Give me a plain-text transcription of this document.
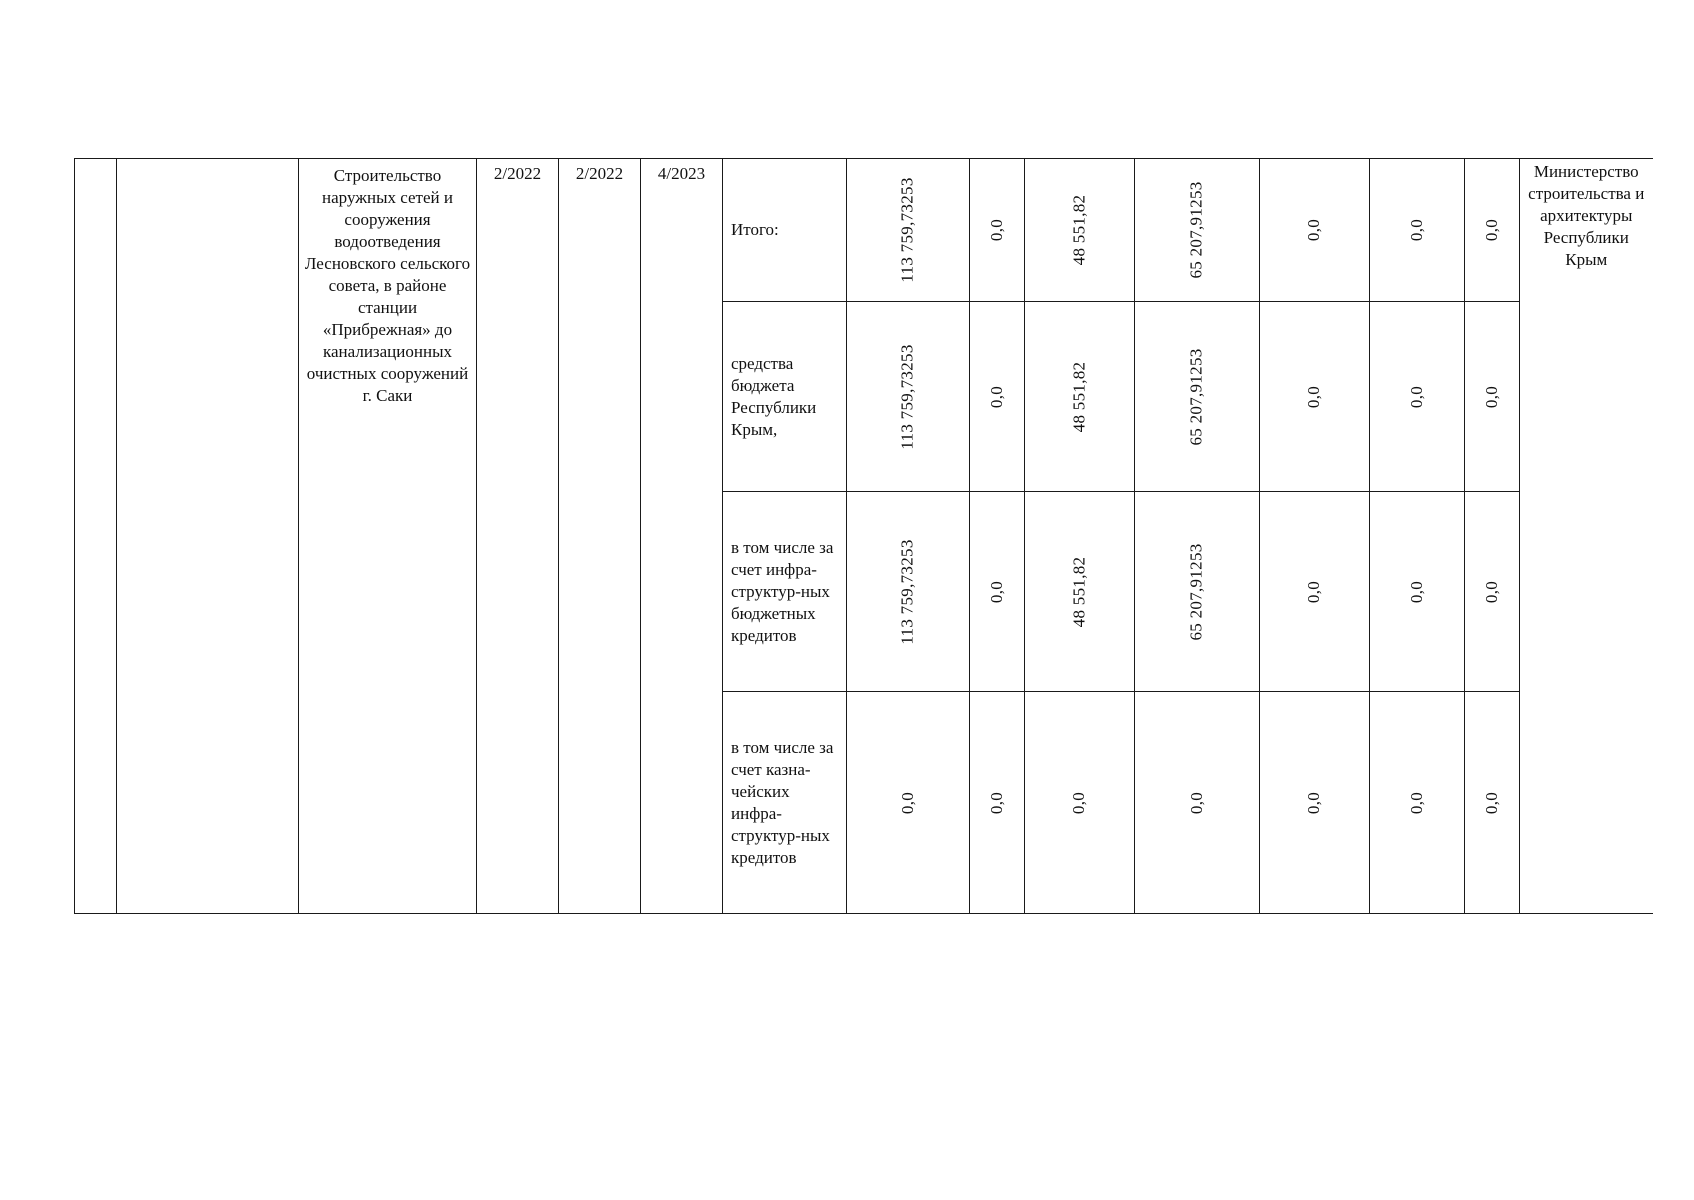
		Строительство наружных сетей и сооружения водоотведения Лесновского сельского совета, в районе станции «Прибрежная» до канализационных очистных сооружений г. Саки	2/2022	2/2022	4/2023	Итого:	113 759,73253	0,0	48 551,82	65 207,91253	0,0	0,0	0,0	Министерство строительства и архитектуры Республики Крым
						средства бюджета Республики Крым,	113 759,73253	0,0	48 551,82	65 207,91253	0,0	0,0	0,0	
						в том числе за счет инфра-структур-ных бюджетных кредитов	113 759,73253	0,0	48 551,82	65 207,91253	0,0	0,0	0,0	
						в том числе за счет казна-чейских инфра-структур-ных кредитов	0,0	0,0	0,0	0,0	0,0	0,0	0,0	
